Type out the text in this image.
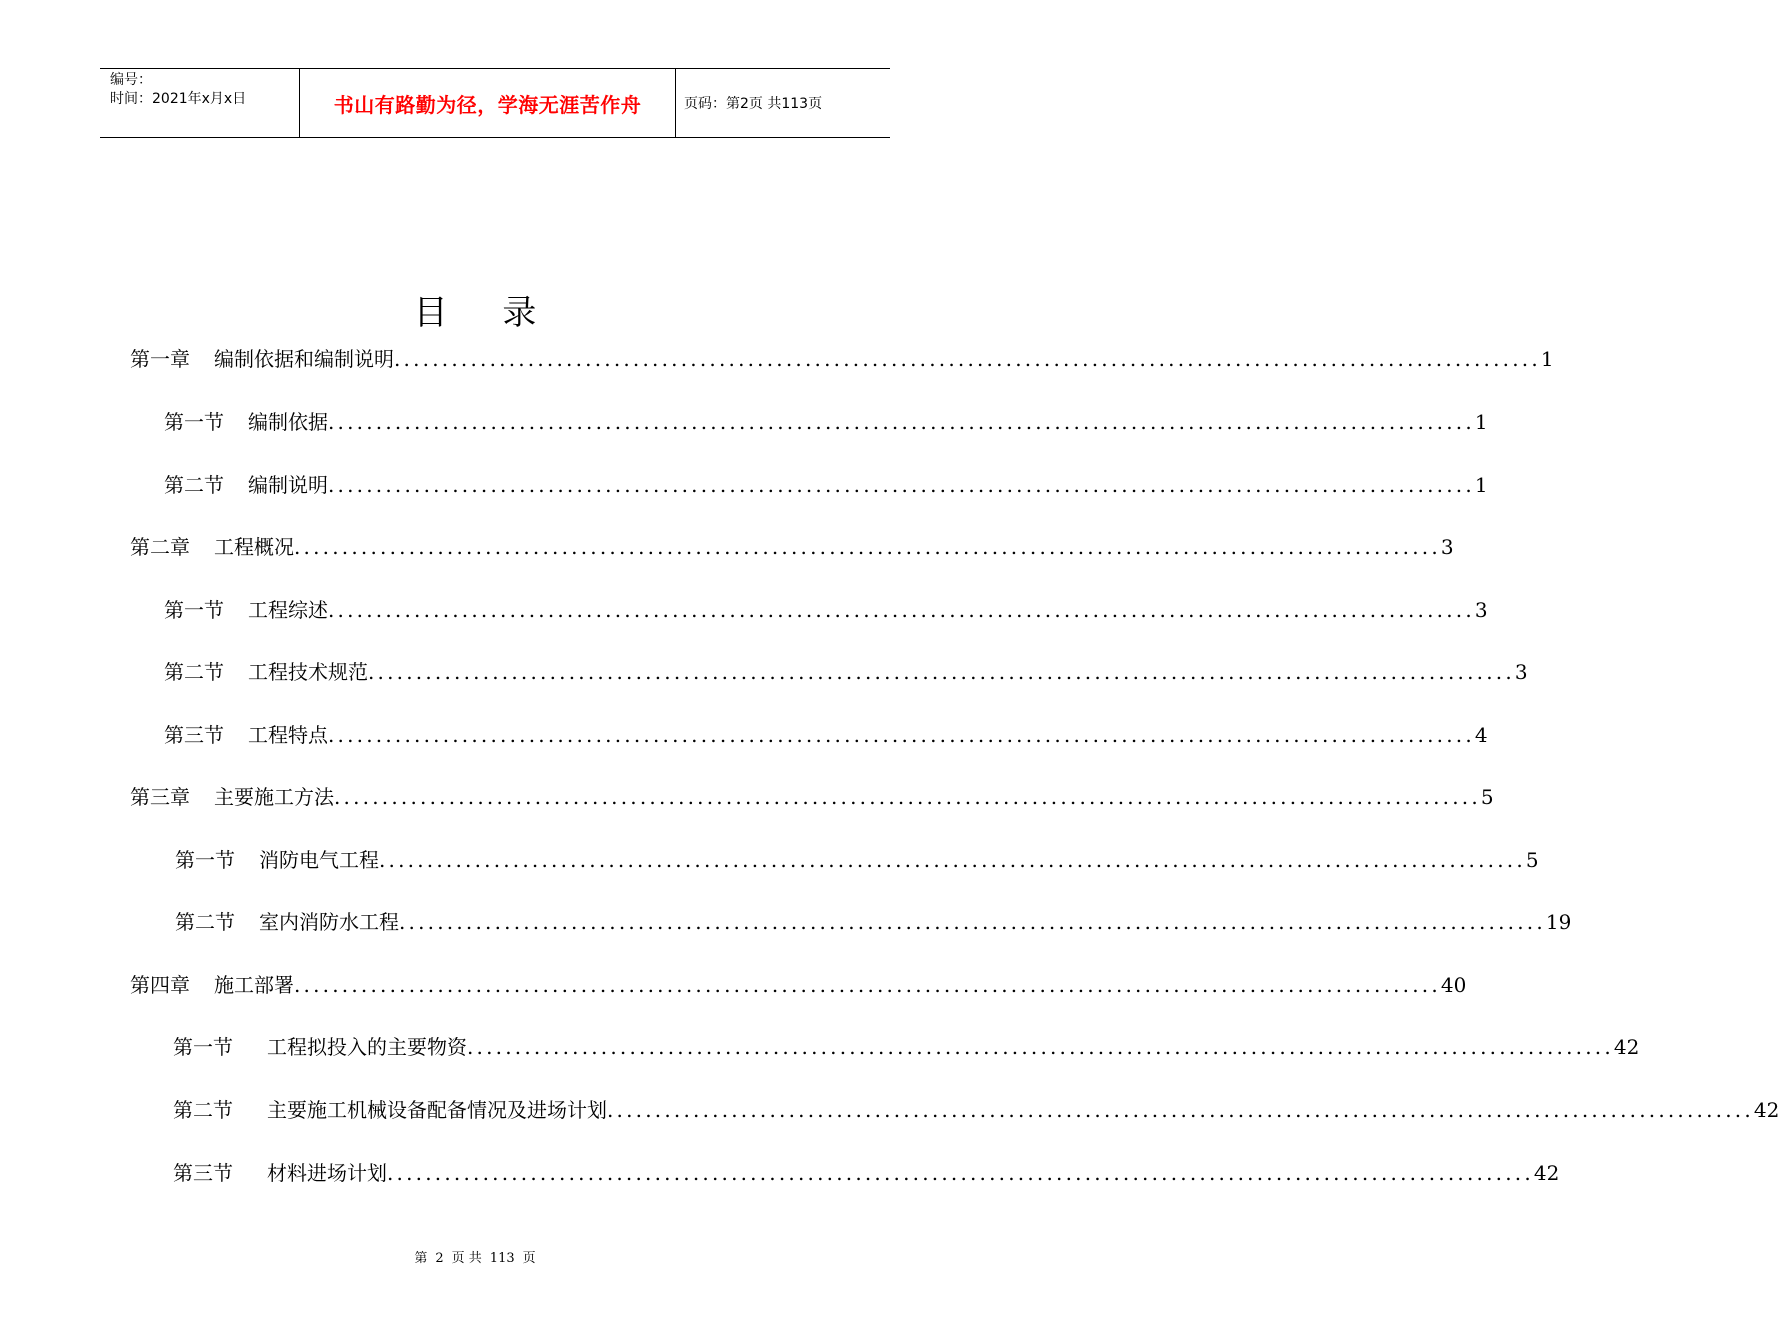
编号：
时间：2021年x月x日	书山有路勤为径，学海无涯苦作舟	页码：第2页 共113页
目 录
第一章 编制依据和编制说明 ........................................................................................................................ 1
第一节 编制依据 ........................................................................................................................ 1
第二节 编制说明 ........................................................................................................................ 1
第二章 工程概况 ........................................................................................................................ 3
第一节 工程综述 ........................................................................................................................ 3
第二节 工程技术规范 ........................................................................................................................ 3
第三节 工程特点 ........................................................................................................................ 4
第三章 主要施工方法 ........................................................................................................................ 5
第一节 消防电气工程 ........................................................................................................................ 5
第二节 室内消防水工程 ........................................................................................................................ 19
第四章 施工部署 ........................................................................................................................ 40
第一节 工程拟投入的主要物资 ........................................................................................................................ 42
第二节 主要施工机械设备配备情况及进场计划 ........................................................................................................................ 42
第三节 材料进场计划 ........................................................................................................................ 42
第 2 页 共 113 页
